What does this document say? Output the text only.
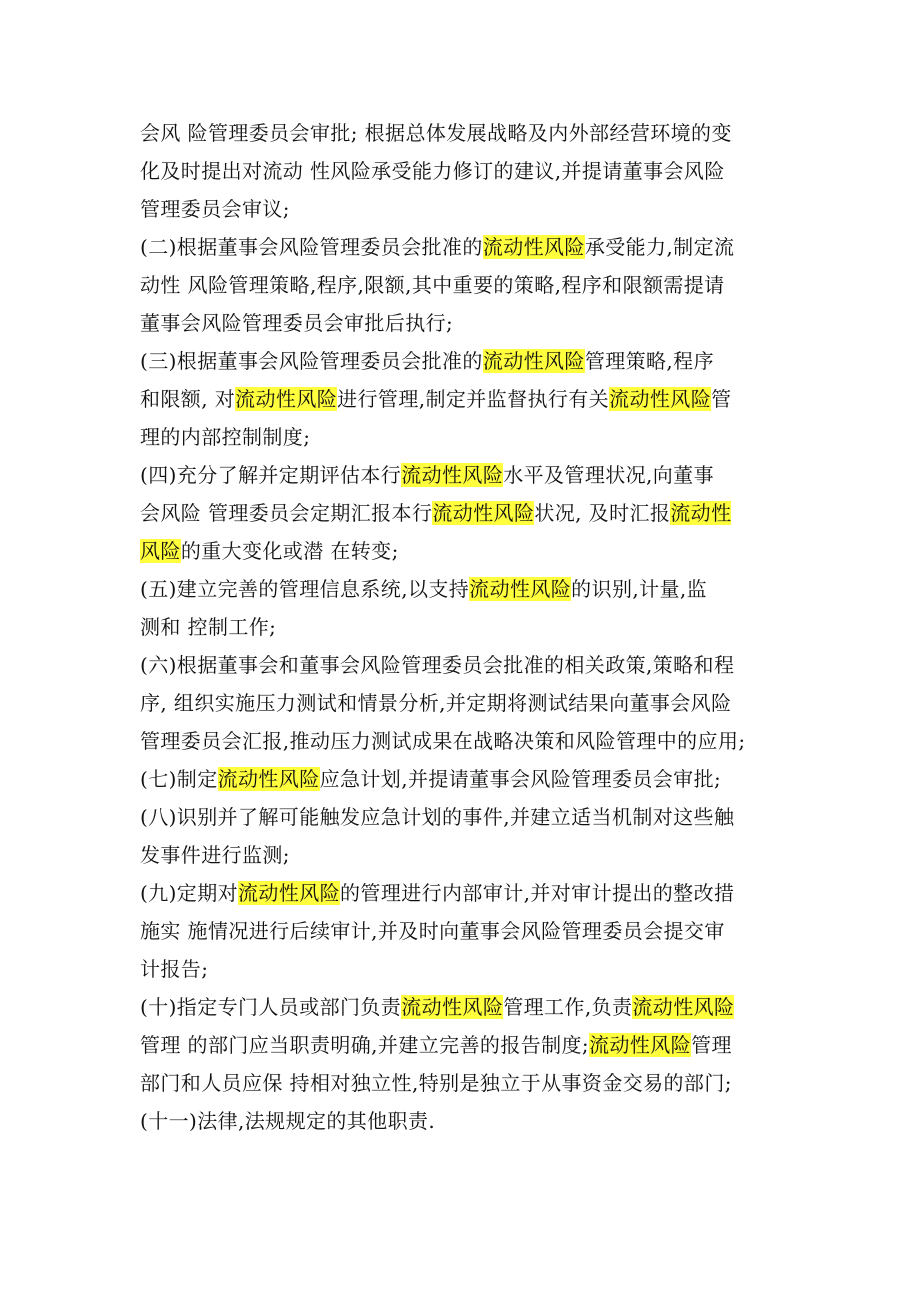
会风 险管理委员会审批; 根据总体发展战略及内外部经营环境的变
化及时提出对流动 性风险承受能力修订的建议,并提请董事会风险
管理委员会审议;
(二)根据董事会风险管理委员会批准的流动性风险承受能力,制定流
动性 风险管理策略,程序,限额,其中重要的策略,程序和限额需提请
董事会风险管理委员会审批后执行;
(三)根据董事会风险管理委员会批准的流动性风险管理策略,程序
和限额, 对流动性风险进行管理,制定并监督执行有关流动性风险管
理的内部控制制度;
(四)充分了解并定期评估本行流动性风险水平及管理状况,向董事
会风险 管理委员会定期汇报本行流动性风险状况, 及时汇报流动性
风险的重大变化或潜 在转变;
(五)建立完善的管理信息系统,以支持流动性风险的识别,计量,监
测和 控制工作;
(六)根据董事会和董事会风险管理委员会批准的相关政策,策略和程
序, 组织实施压力测试和情景分析,并定期将测试结果向董事会风险
管理委员会汇报,推动压力测试成果在战略决策和风险管理中的应用;
(七)制定流动性风险应急计划,并提请董事会风险管理委员会审批;
(八)识别并了解可能触发应急计划的事件,并建立适当机制对这些触
发事件进行监测;
(九)定期对流动性风险的管理进行内部审计,并对审计提出的整改措
施实 施情况进行后续审计,并及时向董事会风险管理委员会提交审
计报告;
(十)指定专门人员或部门负责流动性风险管理工作,负责流动性风险
管理 的部门应当职责明确,并建立完善的报告制度;流动性风险管理
部门和人员应保 持相对独立性,特别是独立于从事资金交易的部门;
(十一)法律,法规规定的其他职责.
